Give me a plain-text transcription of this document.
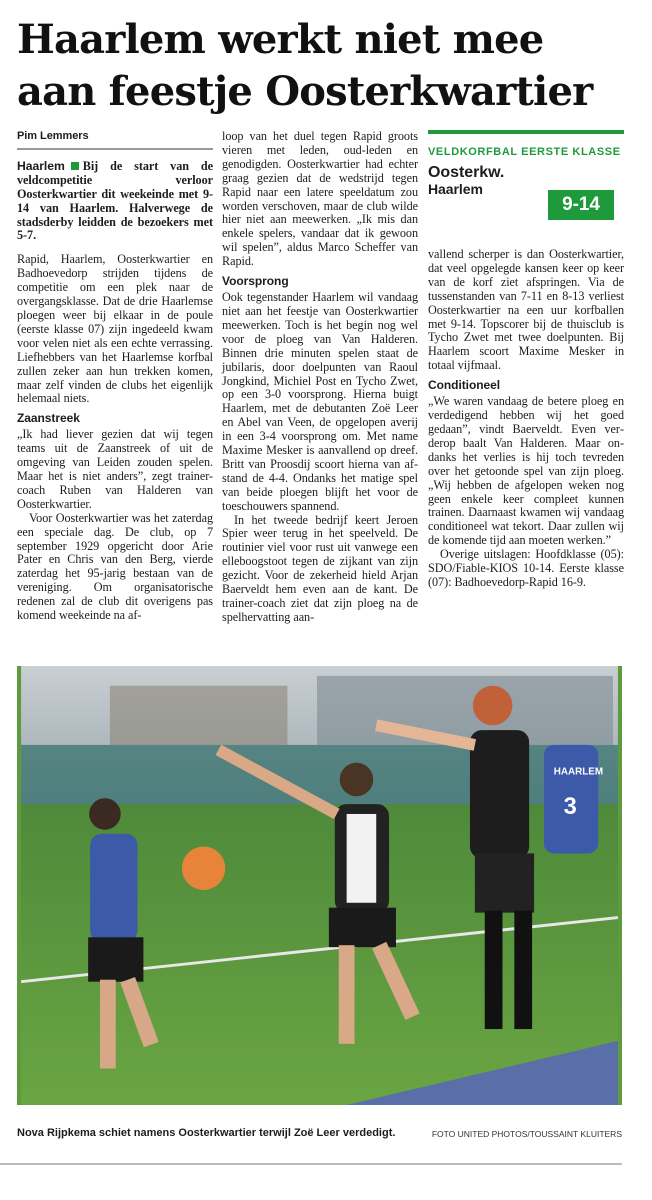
Haarlem werkt niet mee aan feestje Oosterkwartier
Pim Lemmers

Haarlem Bij de start van de veldcompetitie verloor Oosterkwartier dit weekeinde met 9-14 van Haarlem. Halverwege de stadsderby leidden de bezoekers met 5-7.

Rapid, Haarlem, Oosterkwartier en Badhoevedorp strijden tijdens de competitie om een plek naar de overgangsklasse. Dat de drie Haarlemse ploegen weer bij elkaar in de poule (eerste klasse 07) zijn ingedeeld kwam voor velen niet als een echte verrassing. Liefhebbers van het Haarlemse korfbal zullen zeker aan hun trekken komen, maar zelf vinden de clubs het eigenlijk helemaal niets.

Zaanstreek

„Ik had liever gezien dat wij tegen teams uit de Zaanstreek of uit de omgeving van Leiden zouden spelen. Maar het is niet anders”, zegt trainer-coach Ruben van Halderen van Oosterkwartier.

Voor Oosterkwartier was het zaterdag een speciale dag. De club, op 7 september 1929 opgericht door Arie Pater en Chris van den Berg, vierde zaterdag het 95-jarig bestaan van de vereniging. Om organisatorische redenen zal de club dit overigens pas komend weekeinde na af-

loop van het duel tegen Rapid groots vieren met leden, oud-leden en genodigden. Oosterkwartier had echter graag gezien dat de wedstrijd tegen Rapid naar een latere speeldatum zou worden verschoven, maar de club wilde hier niet aan meewerken. „Ik mis dan enkele spelers, vandaar dat ik gewoon wil spelen”, aldus Marco Scheffer van Rapid.

Voorsprong

Ook tegenstander Haarlem wil vandaag niet aan het feestje van Oosterkwartier meewerken. Toch is het begin nog wel voor de ploeg van Van Halderen. Binnen drie minuten spelen staat de jubilaris, door doelpunten van Raoul Jongkind, Michiel Post en Tycho Zwet, op een 3-0 voorsprong. Hierna buigt Haarlem, met de debutanten Zoë Leer en Abel van Veen, de opgelopen averij in een 3-4 voorsprong om. Met name Maxime Mesker is aanvallend op dreef. Britt van Proosdij scoort hierna van afstand de 4-4. Ondanks het matige spel van beide ploegen blijft het voor de toeschouwers spannend.

In het tweede bedrijf keert Jeroen Spier weer terug in het speelveld. De routinier viel voor rust uit vanwege een elleboogstoot tegen de zijkant van zijn gezicht. Voor de zekerheid hield Arjan Baerveldt hem even aan de kant. De trainer-coach ziet dat zijn ploeg na de spelhervatting aan-

VELDKORFBAL EERSTE KLASSE
Oosterkw.
Haarlem
9-14

vallend scherper is dan Oosterkwartier, dat veel opgelegde kansen keer op keer van de korf ziet afspringen. Via de tussenstanden van 7-11 en 8-13 verliest Oosterkwartier na een uur korfballen met 9-14. Topscorer bij de thuisclub is Tycho Zwet met twee doelpunten. Bij Haarlem scoort Maxime Mesker in totaal vijfmaal.

Conditioneel

„We waren vandaag de betere ploeg en verdedigend hebben wij het goed gedaan”, vindt Baerveldt. Even verderop baalt Van Halderen. Maar ondanks het verlies is hij toch tevreden over het getoonde spel van zijn ploeg. „Wij hebben de afgelopen weken nog geen enkele keer compleet kunnen trainen. Daarnaast kwamen wij vandaag conditioneel wat tekort. Daar zullen wij de komende tijd aan moeten werken.”

Overige uitslagen: Hoofdklasse (05): SDO/Fiable-KIOS 10-14. Eerste klasse (07): Badhoevedorp-Rapid 16-9.

HAARLEM
3
Nova Rijpkema schiet namens Oosterkwartier terwijl Zoë Leer verdedigt.	FOTO UNITED PHOTOS/TOUSSAINT KLUITERS
